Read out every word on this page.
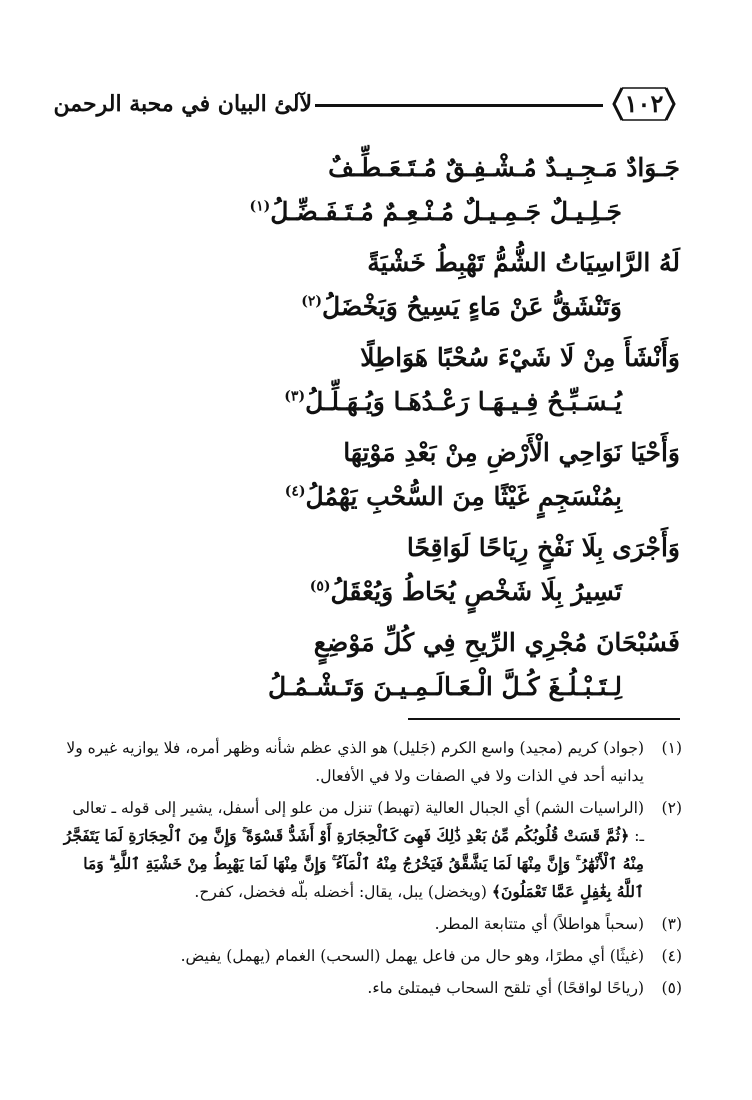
١٠٢
لآلئ البيان في محبة الرحمن
جَـوَادٌ مَـجِـيـدٌ مُـشْـفِـقٌ مُـتَـعَـطِّـفٌ
جَـلِـيـلٌ جَـمِـيـلٌ مُـنْـعِـمٌ مُـتَـفَـضِّـلُ$^{(١)}$
لَهُ الرَّاسِيَاتُ الشُّمُّ تَهْبِطُ خَشْيَةً
وَتَنْشَقُّ عَنْ مَاءٍ يَسِيحُ وَيَخْضَلُ$^{(٢)}$
وَأَنْشَأَ مِنْ لَا شَيْءَ سُحْبًا هَوَاطِلًا
يُـسَـبِّـحُ فِـيـهَـا رَعْـدُهَـا وَيُـهَـلِّـلُ$^{(٣)}$
وَأَحْيَا نَوَاحِي الْأَرْضِ مِنْ بَعْدِ مَوْتِهَا
بِمُنْسَجِمٍ غَيْثًا مِنَ السُّحْبِ يَهْمُلُ$^{(٤)}$
وَأَجْرَى بِلَا نَفْخٍ رِيَاحًا لَوَاقِحًا
تَسِيرُ بِلَا شَخْصٍ يُحَاطُ وَيُعْقَلُ$^{(٥)}$
فَسُبْحَانَ مُجْرِي الرِّيحِ فِي كُلِّ مَوْضِعٍ
لِـتَـبْـلُـغَ كُـلَّ الْـعَـالَـمِـيـنَ وَتَـشْـمُـلُ
(١)
(جواد) كريم (مجيد) واسع الكرم (جَليل) هو الذي عظم شأنه وظهر أمره، فلا يوازيه غيره ولا يدانيه أحد في الذات ولا في الصفات ولا في الأفعال.
(٢)
(الراسيات الشم) أي الجبال العالية (تهبط) تنزل من علو إلى أسفل، يشير إلى قوله ـ تعالى ـ: ﴿ثُمَّ قَسَتْ قُلُوبُكُم مِّنۢ بَعْدِ ذَٰلِكَ فَهِىَ كَٱلْحِجَارَةِ أَوْ أَشَدُّ قَسْوَةً ۚ وَإِنَّ مِنَ ٱلْحِجَارَةِ لَمَا يَتَفَجَّرُ مِنْهُ ٱلْأَنْهَٰرُ ۚ وَإِنَّ مِنْهَا لَمَا يَشَّقَّقُ فَيَخْرُجُ مِنْهُ ٱلْمَآءُ ۚ وَإِنَّ مِنْهَا لَمَا يَهْبِطُ مِنْ خَشْيَةِ ٱللَّهِ ۗ وَمَا ٱللَّهُ بِغَٰفِلٍ عَمَّا تَعْمَلُونَ﴾ (ويخضل) يبل، يقال: أخضله بلّه فخضل، كفرح.
(٣)
(سحباً هواطلاً) أي متتابعة المطر.
(٤)
(غيثًا) أي مطرًا، وهو حال من فاعل يهمل (السحب) الغمام (يهمل) يفيض.
(٥)
(رياحًا لواقحًا) أي تلقح السحاب فيمتلئ ماء.
